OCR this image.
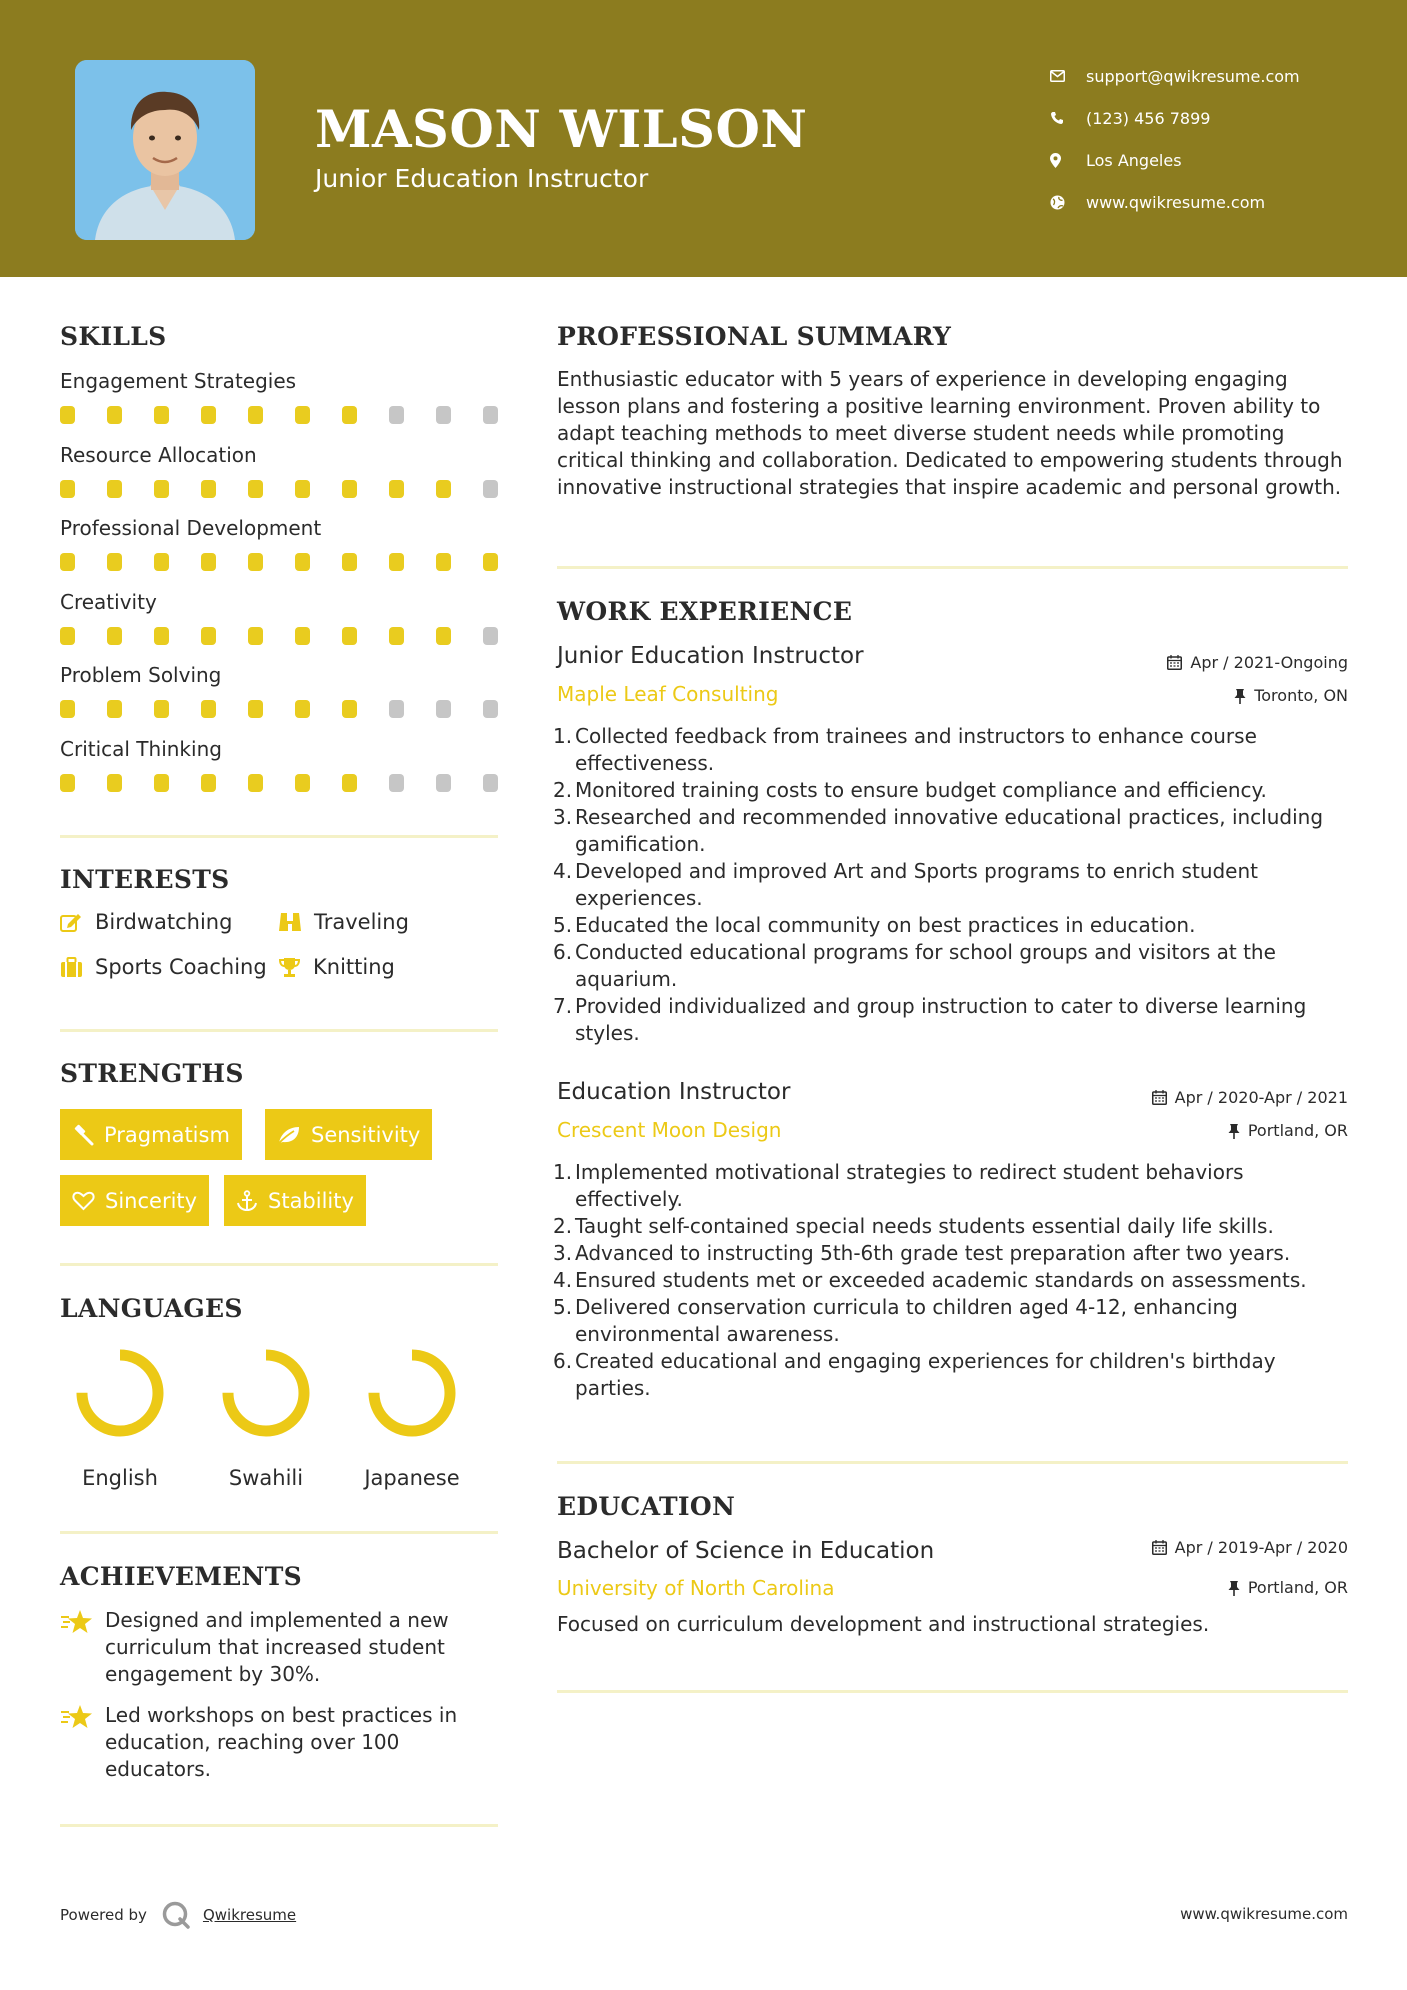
MASON WILSON
Junior Education Instructor
support@qwikresume.com
(123) 456 7899
Los Angeles
www.qwikresume.com
SKILLS
Engagement Strategies
Resource Allocation
Professional Development
Creativity
Problem Solving
Critical Thinking
INTERESTS
Birdwatching	Traveling
Sports Coaching Knitting
STRENGTHS
Pragmatism	Sensitivity
Sincerity	Stability
LANGUAGES
English	Swahili	Japanese
ACHIEVEMENTS
Designed and implemented a new curriculum that increased student engagement by 30%.
Led workshops on best practices in education, reaching over 100 educators.
PROFESSIONAL SUMMARY
Enthusiastic educator with 5 years of experience in developing engaging lesson plans and fostering a positive learning environment. Proven ability to adapt teaching methods to meet diverse student needs while promoting critical thinking and collaboration. Dedicated to empowering students through innovative instructional strategies that inspire academic and personal growth.
WORK EXPERIENCE
Junior Education Instructor	Apr / 2021-Ongoing
Maple Leaf Consulting	Toronto, ON
1. Collected feedback from trainees and instructors to enhance course effectiveness.
2. Monitored training costs to ensure budget compliance and efficiency.
3. Researched and recommended innovative educational practices, including gamification.
4. Developed and improved Art and Sports programs to enrich student experiences.
5. Educated the local community on best practices in education.
6. Conducted educational programs for school groups and visitors at the aquarium.
7. Provided individualized and group instruction to cater to diverse learning styles.
Education Instructor	Apr / 2020-Apr / 2021
Crescent Moon Design	Portland, OR
1. Implemented motivational strategies to redirect student behaviors effectively.
2. Taught self-contained special needs students essential daily life skills.
3. Advanced to instructing 5th-6th grade test preparation after two years.
4. Ensured students met or exceeded academic standards on assessments.
5. Delivered conservation curricula to children aged 4-12, enhancing environmental awareness.
6. Created educational and engaging experiences for children's birthday parties.
EDUCATION
Bachelor of Science in Education	Apr / 2019-Apr / 2020
University of North Carolina	Portland, OR
Focused on curriculum development and instructional strategies.
Powered by	Qwikresume	www.qwikresume.com
